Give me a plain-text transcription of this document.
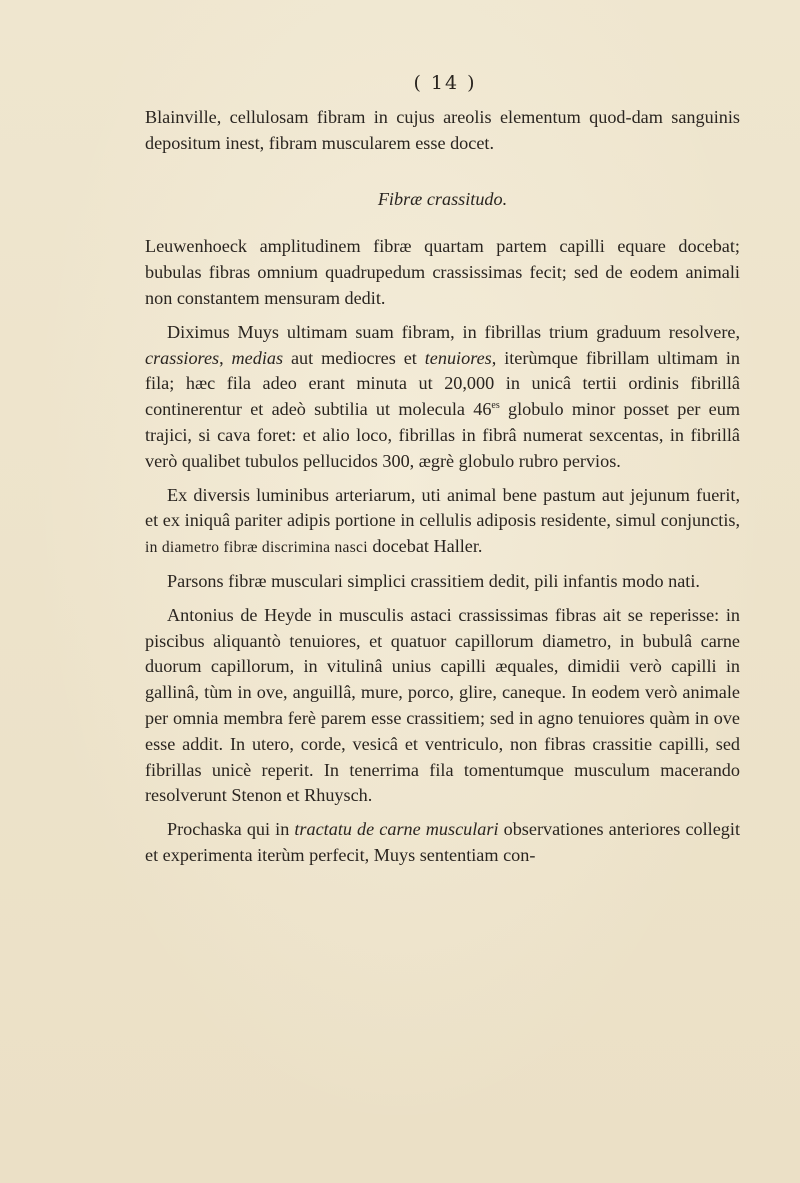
( 14 )

Blainville, cellulosam fibram in cujus areolis elementum quod-dam sanguinis depositum inest, fibram muscularem esse docet.

Fibræ crassitudo.

Leuwenhoeck amplitudinem fibræ quartam partem capilli equare docebat; bubulas fibras omnium quadrupedum crassissimas fecit; sed de eodem animali non constantem mensuram dedit.

Diximus Muys ultimam suam fibram, in fibrillas trium graduum resolvere, crassiores, medias aut mediocres et tenuiores, iterùmque fibrillam ultimam in fila; hæc fila adeo erant minuta ut 20,000 in unicâ tertii ordinis fibrillâ continerentur et adeò subtilia ut molecula $46^{es}$ globulo minor posset per eum trajici, si cava foret: et alio loco, fibrillas in fibrâ numerat sexcentas, in fibrillâ verò qualibet tubulos pellucidos 300, ægrè globulo rubro pervios.

Ex diversis luminibus arteriarum, uti animal bene pastum aut jejunum fuerit, et ex iniquâ pariter adipis portione in cellulis adiposis residente, simul conjunctis, in diametro fibræ discrimina nasci docebat Haller.

Parsons fibræ musculari simplici crassitiem dedit, pili infantis modo nati.

Antonius de Heyde in musculis astaci crassissimas fibras ait se reperisse: in piscibus aliquantò tenuiores, et quatuor capillorum diametro, in bubulâ carne duorum capillorum, in vitulinâ unius capilli æquales, dimidii verò capilli in gallinâ, tùm in ove, anguillâ, mure, porco, glire, caneque. In eodem verò animale per omnia membra ferè parem esse crassitiem; sed in agno tenuiores quàm in ove esse addit. In utero, corde, vesicâ et ventriculo, non fibras crassitie capilli, sed fibrillas unicè reperit. In tenerrima fila tomentumque musculum macerando resolverunt Stenon et Rhuysch.

Prochaska qui in tractatu de carne musculari observationes anteriores collegit et experimenta iterùm perfecit, Muys sententiam con-
